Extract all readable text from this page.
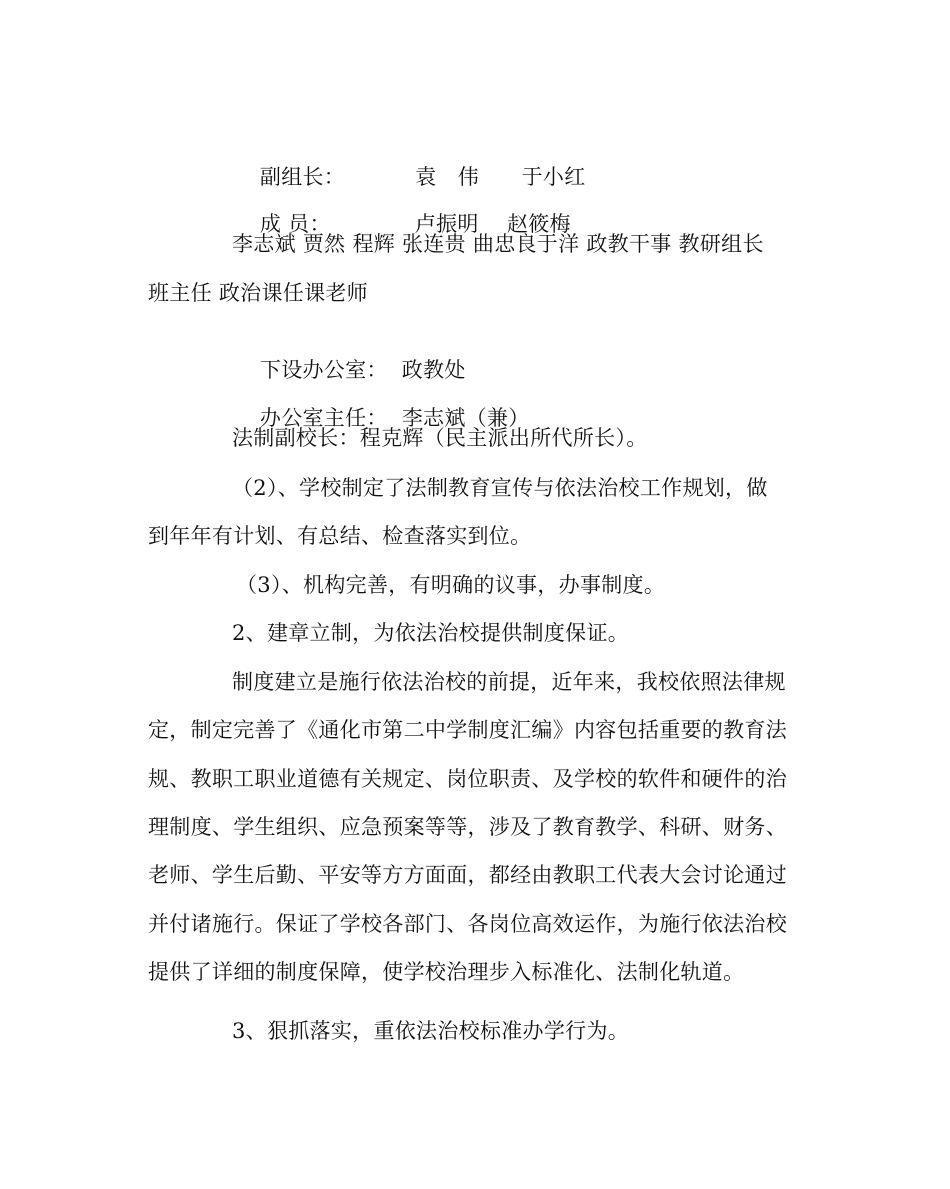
副组长：	袁　伟　　于小红

成 员：	卢振明　 赵筱梅

李志斌 贾然 程辉 张连贵 曲忠良于洋 政教干事 教研组长
班主任 政治课任课老师

下设办公室： 政教处

办公室主任： 李志斌（兼）

法制副校长：程克辉（民主派出所代所长）。
（2）、学校制定了法制教育宣传与依法治校工作规划，做
到年年有计划、有总结、检查落实到位。
（3）、机构完善，有明确的议事，办事制度。
2、建章立制，为依法治校提供制度保证。
制度建立是施行依法治校的前提，近年来，我校依照法律规
定，制定完善了《通化市第二中学制度汇编》内容包括重要的教育法
规、教职工职业道德有关规定、岗位职责、及学校的软件和硬件的治
理制度、学生组织、应急预案等等，涉及了教育教学、科研、财务、
老师、学生后勤、平安等方方面面，都经由教职工代表大会讨论通过
并付诸施行。保证了学校各部门、各岗位高效运作，为施行依法治校
提供了详细的制度保障，使学校治理步入标准化、法制化轨道。
3、狠抓落实，重依法治校标准办学行为。
